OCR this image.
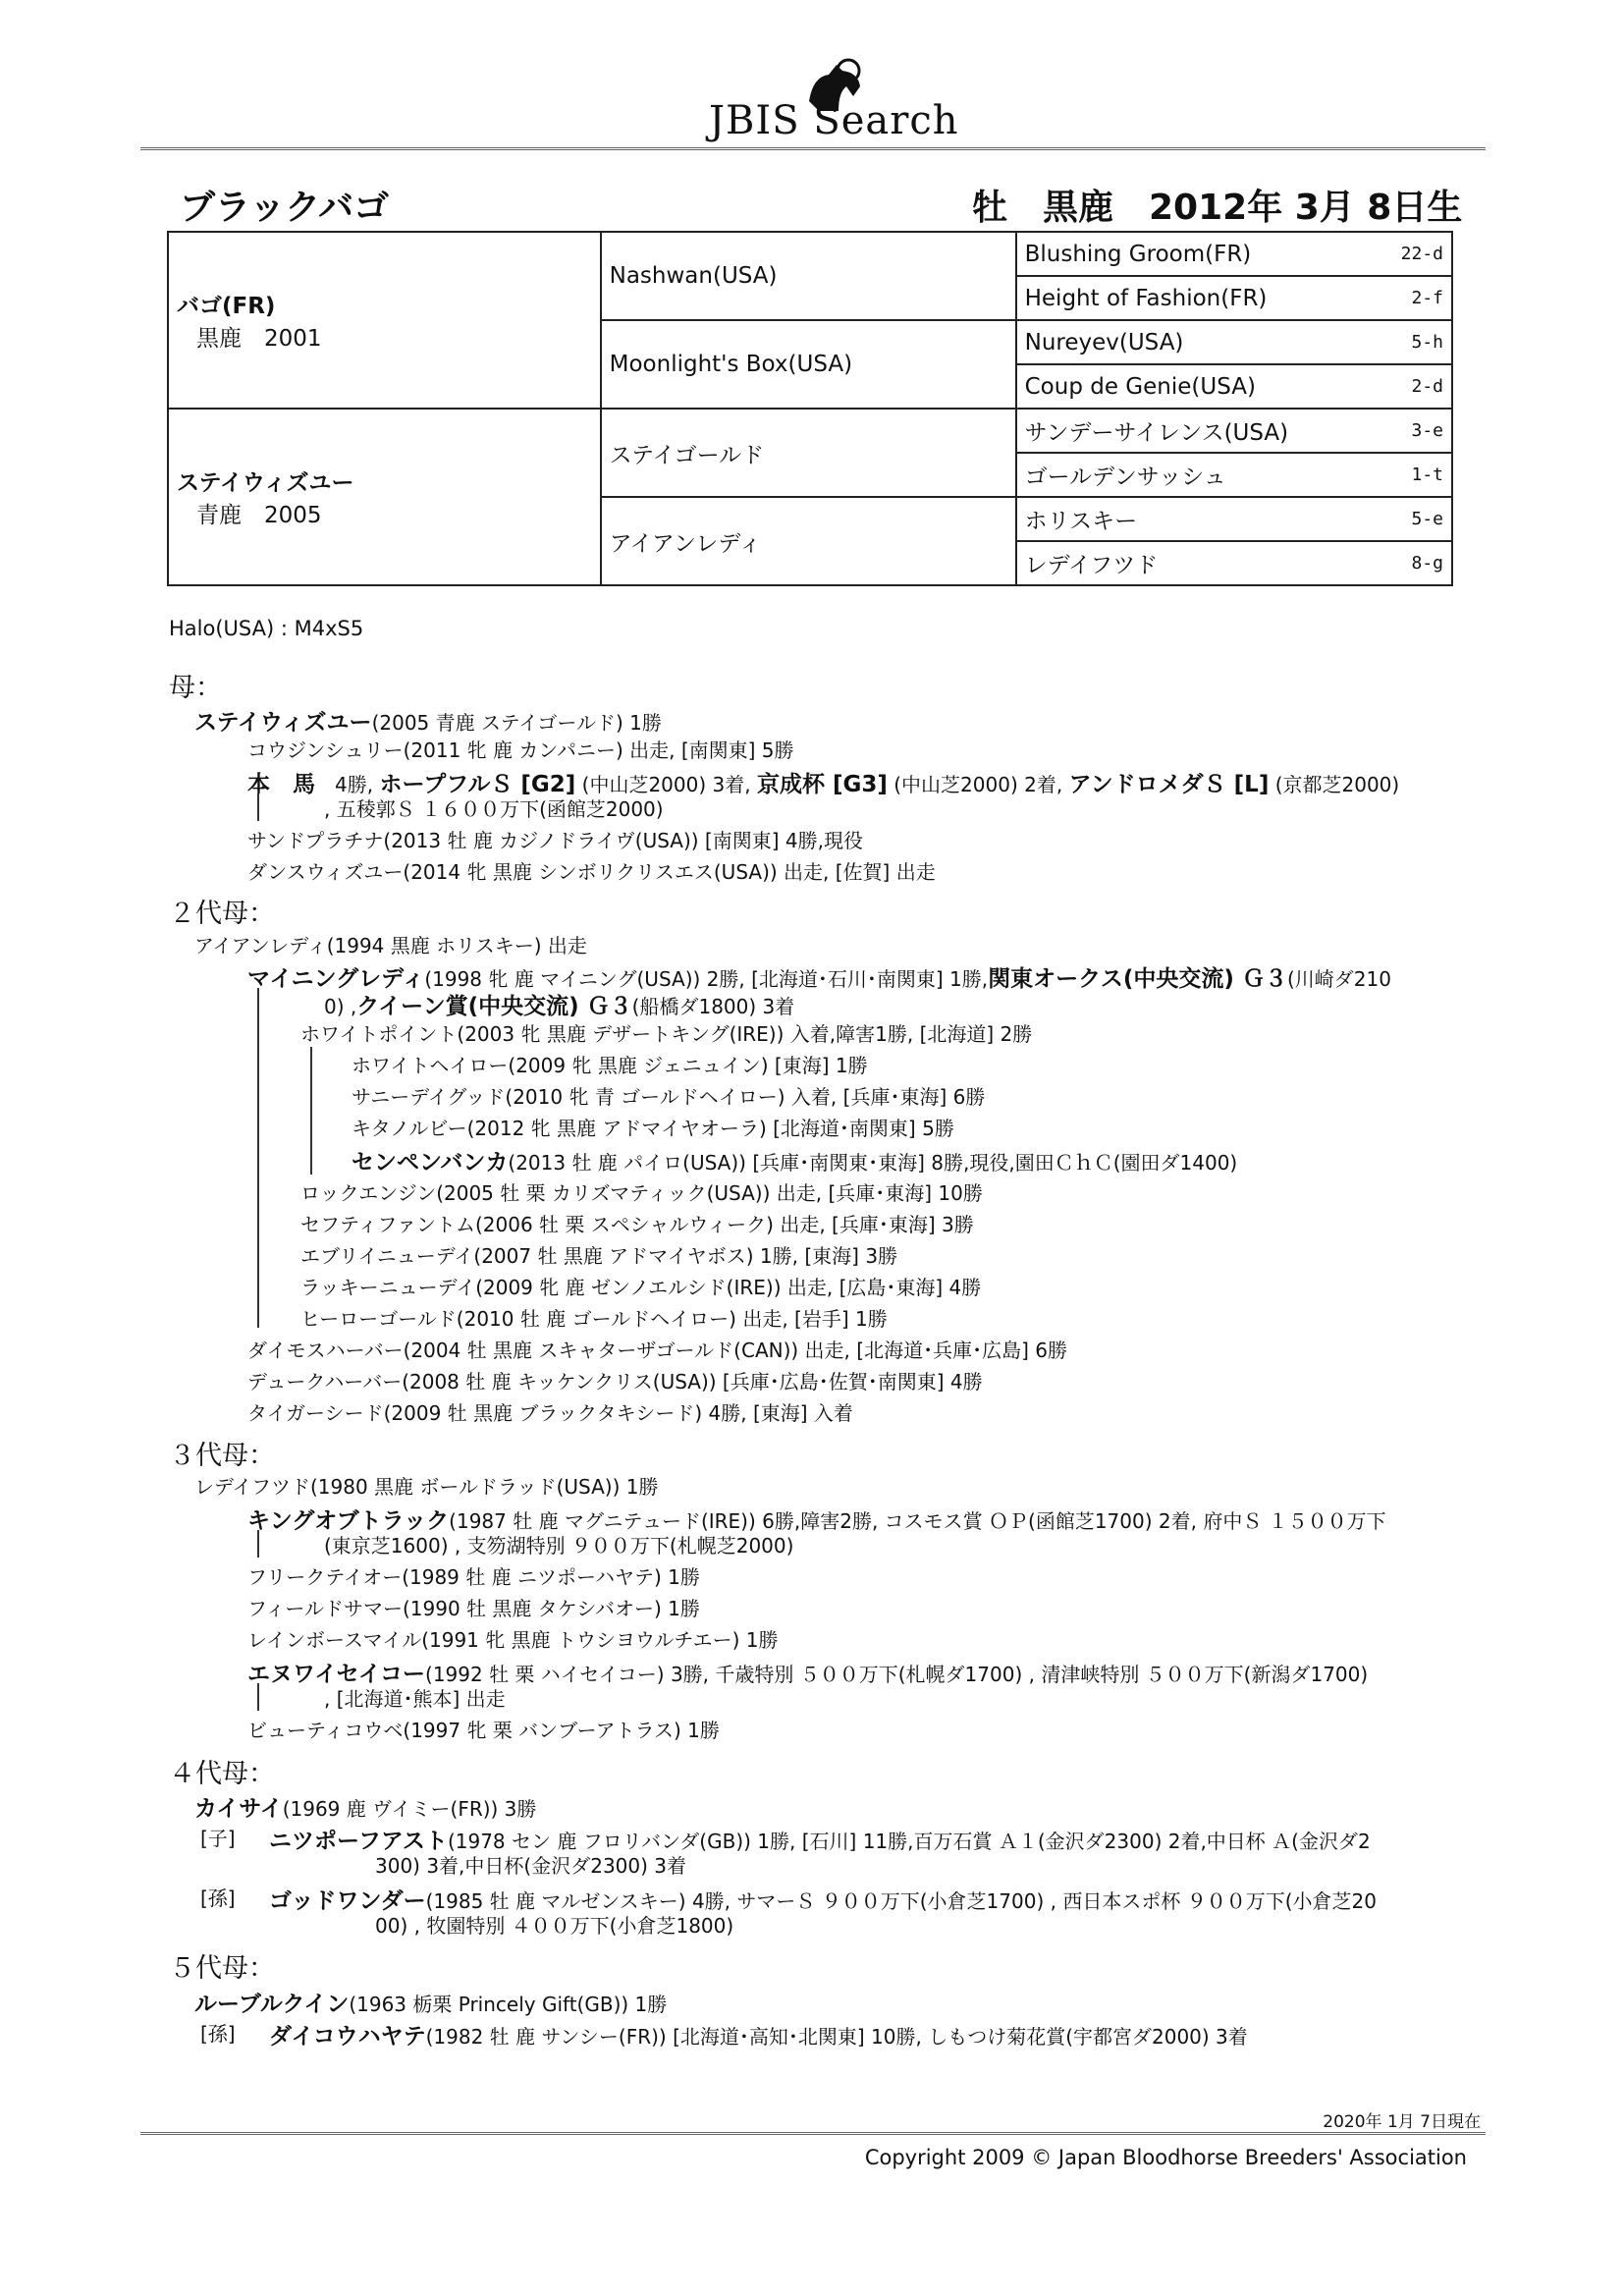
JBIS Search
ブラックバゴ	牡　黒鹿　2012年 3月 8日生
バゴ(FR)
黒鹿　2001	Nashwan(USA)	Blushing Groom(FR)	22-d
		Height of Fashion(FR)	2-f
	Moonlight's Box(USA)	Nureyev(USA)	5-h
		Coup de Genie(USA)	2-d

ステイウィズユー
青鹿　2005	ステイゴールド	サンデーサイレンス(USA)	3-e
		ゴールデンサッシュ	1-t
	アイアンレディ	ホリスキー	5-e
		レデイフツド	8-g
Halo(USA) : M4xS5
母：
ステイウィズユー(2005 青鹿 ステイゴールド) 1勝
コウジンシュリー(2011 牝 鹿 カンパニー) 出走, [南関東] 5勝
本　馬　 4勝, ホープフルＳ [G2] (中山芝2000) 3着, 京成杯 [G3] (中山芝2000) 2着, アンドロメダＳ [L] (京都芝2000)
, 五稜郭Ｓ １６００万下(函館芝2000)
サンドプラチナ(2013 牡 鹿 カジノドライヴ(USA)) [南関東] 4勝,現役
ダンスウィズユー(2014 牝 黒鹿 シンボリクリスエス(USA)) 出走, [佐賀] 出走
２代母：
アイアンレディ(1994 黒鹿 ホリスキー) 出走
マイニングレディ(1998 牝 鹿 マイニング(USA)) 2勝, [北海道･石川･南関東] 1勝,関東オークス(中央交流) Ｇ３(川崎ダ210
0) ,クイーン賞(中央交流) Ｇ３(船橋ダ1800) 3着
ホワイトポイント(2003 牝 黒鹿 デザートキング(IRE)) 入着,障害1勝, [北海道] 2勝
ホワイトヘイロー(2009 牝 黒鹿 ジェニュイン) [東海] 1勝
サニーデイグッド(2010 牝 青 ゴールドヘイロー) 入着, [兵庫･東海] 6勝
キタノルビー(2012 牝 黒鹿 アドマイヤオーラ) [北海道･南関東] 5勝
センペンバンカ(2013 牡 鹿 パイロ(USA)) [兵庫･南関東･東海] 8勝,現役,園田ＣｈＣ(園田ダ1400)
ロックエンジン(2005 牡 栗 カリズマティック(USA)) 出走, [兵庫･東海] 10勝
セフティファントム(2006 牡 栗 スペシャルウィーク) 出走, [兵庫･東海] 3勝
エブリイニューデイ(2007 牡 黒鹿 アドマイヤボス) 1勝, [東海] 3勝
ラッキーニューデイ(2009 牝 鹿 ゼンノエルシド(IRE)) 出走, [広島･東海] 4勝
ヒーローゴールド(2010 牡 鹿 ゴールドヘイロー) 出走, [岩手] 1勝
ダイモスハーバー(2004 牡 黒鹿 スキャターザゴールド(CAN)) 出走, [北海道･兵庫･広島] 6勝
デュークハーバー(2008 牡 鹿 キッケンクリス(USA)) [兵庫･広島･佐賀･南関東] 4勝
タイガーシード(2009 牡 黒鹿 ブラックタキシード) 4勝, [東海] 入着
３代母：
レデイフツド(1980 黒鹿 ボールドラッド(USA)) 1勝
キングオブトラック(1987 牡 鹿 マグニテュード(IRE)) 6勝,障害2勝, コスモス賞 ＯＰ(函館芝1700) 2着, 府中Ｓ １５００万下
(東京芝1600) , 支笏湖特別 ９００万下(札幌芝2000)
フリークテイオー(1989 牡 鹿 ニツポーハヤテ) 1勝
フィールドサマー(1990 牡 黒鹿 タケシバオー) 1勝
レインボースマイル(1991 牝 黒鹿 トウシヨウルチエー) 1勝
エヌワイセイコー(1992 牡 栗 ハイセイコー) 3勝, 千歳特別 ５００万下(札幌ダ1700) , 清津峡特別 ５００万下(新潟ダ1700)
, [北海道･熊本] 出走
ビューティコウベ(1997 牝 栗 バンブーアトラス) 1勝
４代母：
カイサイ(1969 鹿 ヴイミー(FR)) 3勝
[子] ニツポーフアスト(1978 セン 鹿 フロリバンダ(GB)) 1勝, [石川] 11勝,百万石賞 Ａ１(金沢ダ2300) 2着,中日杯 Ａ(金沢ダ2
300) 3着,中日杯(金沢ダ2300) 3着
[孫] ゴッドワンダー(1985 牡 鹿 マルゼンスキー) 4勝, サマーＳ ９００万下(小倉芝1700) , 西日本スポ杯 ９００万下(小倉芝20
00) , 牧園特別 ４００万下(小倉芝1800)
５代母：
ルーブルクイン(1963 栃栗 Princely Gift(GB)) 1勝
[孫] ダイコウハヤテ(1982 牡 鹿 サンシー(FR)) [北海道･高知･北関東] 10勝, しもつけ菊花賞(宇都宮ダ2000) 3着
2020年 1月 7日現在
Copyright 2009 © Japan Bloodhorse Breeders' Association
